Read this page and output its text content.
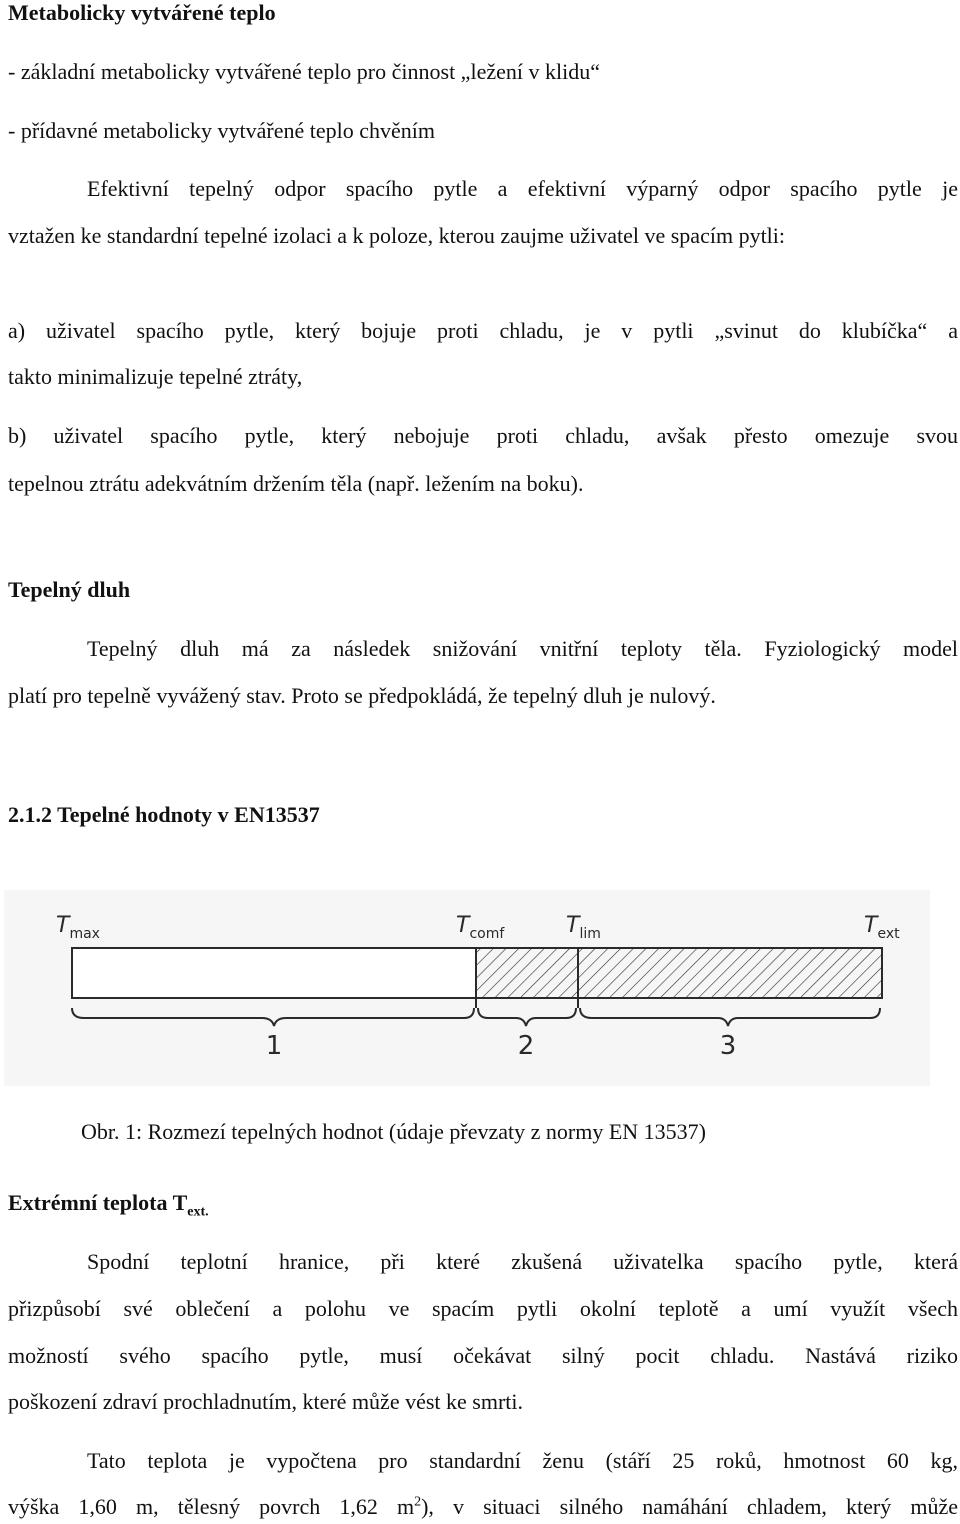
Metabolicky vytvářené teplo
- základní metabolicky vytvářené teplo pro činnost „ležení v klidu“
- přídavné metabolicky vytvářené teplo chvěním
Efektivní tepelný odpor spacího pytle a efektivní výparný odpor spacího pytle je
vztažen ke standardní tepelné izolaci a k poloze, kterou zaujme uživatel ve spacím pytli:
a) uživatel spacího pytle, který bojuje proti chladu, je v pytli „svinut do klubíčka“ a
takto minimalizuje tepelné ztráty,
b) uživatel spacího pytle, který nebojuje proti chladu, avšak přesto omezuje svou
tepelnou ztrátu adekvátním držením těla (např. ležením na boku).
Tepelný dluh
Tepelný dluh má za následek snižování vnitřní teploty těla. Fyziologický model
platí pro tepelně vyvážený stav. Proto se předpokládá, že tepelný dluh je nulový.
2.1.2 Tepelné hodnoty v EN13537
$T_{max}$	$T_{comf}$	$T_{lim}$	$T_{ext}$
1	2	3
Obr. 1: Rozmezí tepelných hodnot (údaje převzaty z normy EN 13537)
Extrémní teplota $T_{ext.}$
Spodní teplotní hranice, při které zkušená uživatelka spacího pytle, která
přizpůsobí své oblečení a polohu ve spacím pytli okolní teplotě a umí využít všech
možností svého spacího pytle, musí očekávat silný pocit chladu. Nastává riziko
poškození zdraví prochladnutím, které může vést ke smrti.
Tato teplota je vypočtena pro standardní ženu (stáří 25 roků, hmotnost 60 kg,
výška 1,60 m, tělesný povrch 1,62 $m^2$), v situaci silného namáhání chladem, který může
